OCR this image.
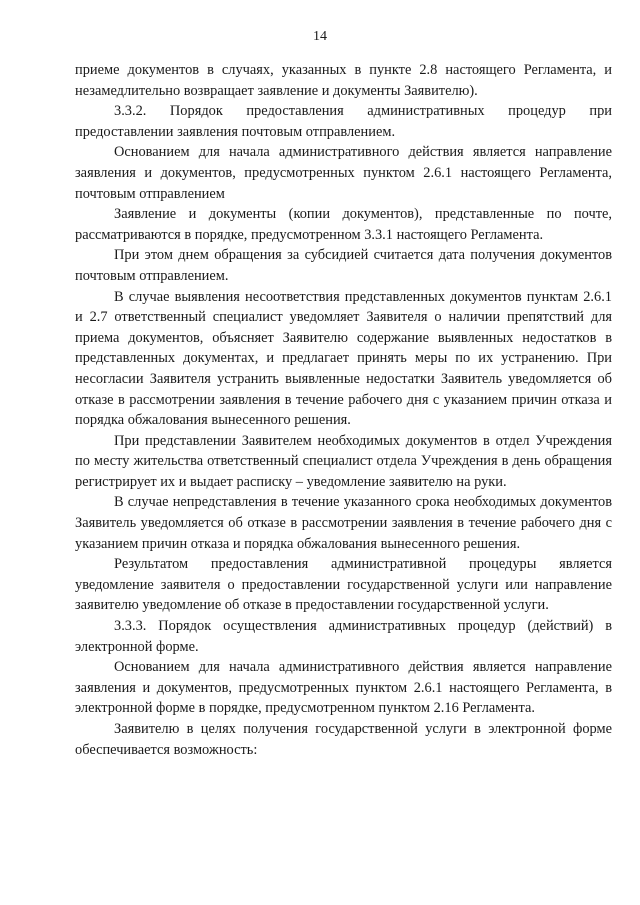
14

приеме документов в случаях, указанных в пункте 2.8 настоящего Регламента, и незамедлительно возвращает заявление и документы Заявителю).

3.3.2. Порядок предоставления административных процедур при предоставлении заявления почтовым отправлением.

Основанием для начала административного действия является направление заявления и документов, предусмотренных пунктом 2.6.1 настоящего Регламента, почтовым отправлением

Заявление и документы (копии документов), представленные по почте, рассматриваются в порядке, предусмотренном 3.3.1 настоящего Регламента.

При этом днем обращения за субсидией считается дата получения документов почтовым отправлением.

В случае выявления несоответствия представленных документов пунктам 2.6.1 и 2.7 ответственный специалист уведомляет Заявителя о наличии препятствий для приема документов, объясняет Заявителю содержание выявленных недостатков в представленных документах, и предлагает принять меры по их устранению. При несогласии Заявителя устранить выявленные недостатки Заявитель уведомляется об отказе в рассмотрении заявления в течение рабочего дня с указанием причин отказа и порядка обжалования вынесенного решения.

При представлении Заявителем необходимых документов в отдел Учреждения по месту жительства ответственный специалист отдела Учреждения в день обращения регистрирует их и выдает расписку – уведомление заявителю на руки.

В случае непредставления в течение указанного срока необходимых документов Заявитель уведомляется об отказе в рассмотрении заявления в течение рабочего дня с указанием причин отказа и порядка обжалования вынесенного решения.

Результатом предоставления административной процедуры является уведомление заявителя о предоставлении государственной услуги или направление заявителю уведомление об отказе в предоставлении государственной услуги.

3.3.3. Порядок осуществления административных процедур (действий) в электронной форме.

Основанием для начала административного действия является направление заявления и документов, предусмотренных пунктом 2.6.1 настоящего Регламента, в электронной форме в порядке, предусмотренном пунктом 2.16 Регламента.

Заявителю в целях получения государственной услуги в электронной форме обеспечивается возможность:
